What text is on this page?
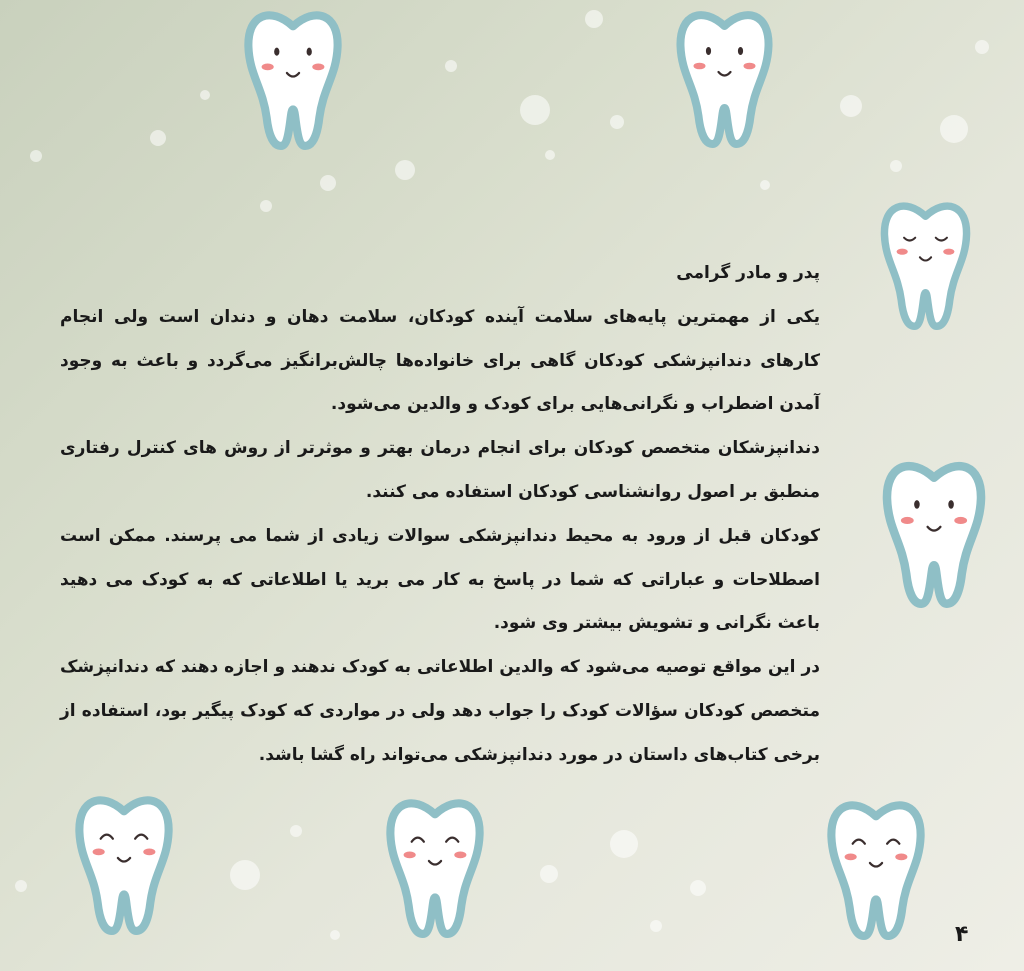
پدر و مادر گرامی

یکی از مهمترین پایه‌های سلامت آینده کودکان، سلامت دهان و دندان است ولی انجام کارهای دندانپزشکی کودکان گاهی برای خانواده‌ها چالش‌برانگیز می‌گردد و باعث به وجود آمدن اضطراب و نگرانی‌هایی برای کودک و والدین می‌شود.

دندانپزشکان متخصص کودکان برای انجام درمان بهتر و موثرتر از روش های کنترل رفتاری منطبق بر اصول روانشناسی کودکان استفاده می کنند.

کودکان قبل از ورود به محیط دندانپزشکی سوالات زیادی از شما می پرسند. ممکن است اصطلاحات و عباراتی که شما در پاسخ به کار می برید یا اطلاعاتی که به کودک می دهید باعث نگرانی و تشویش بیشتر وی شود.

در این مواقع توصیه می‌شود که والدین اطلاعاتی به کودک ندهند و اجازه دهند که دندانپزشک متخصص کودکان سؤالات کودک را جواب دهد ولی در مواردی که کودک پیگیر بود، استفاده از برخی کتاب‌های داستان در مورد دندانپزشکی می‌تواند راه گشا باشد.

۴
